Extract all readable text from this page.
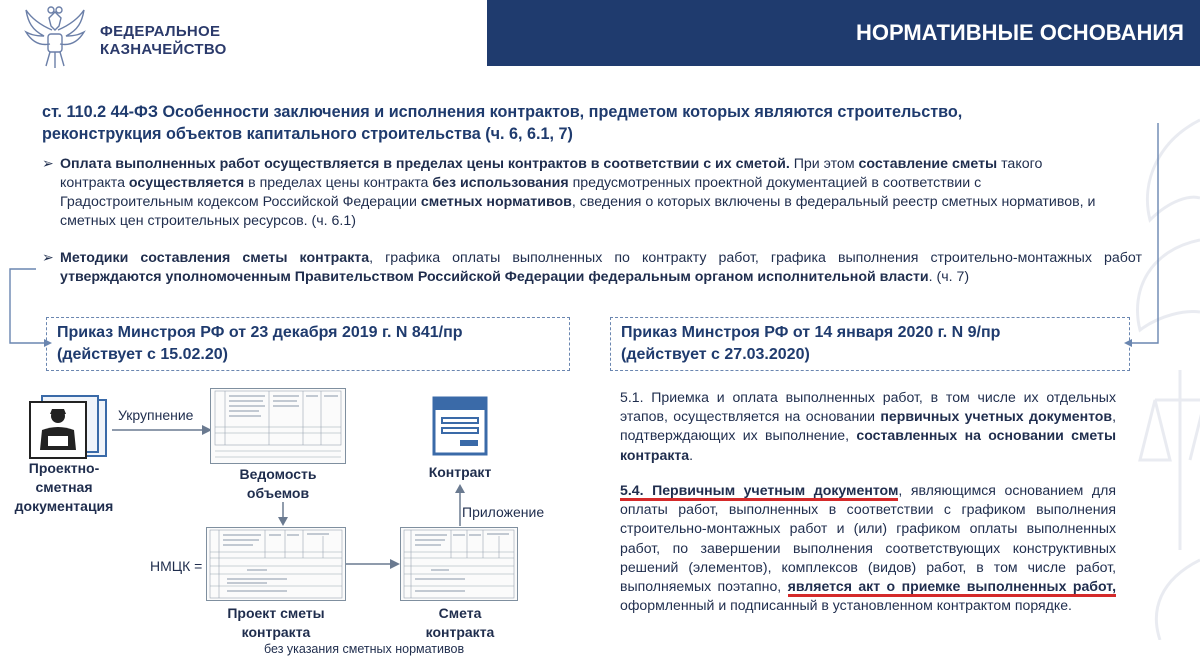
ФЕДЕРАЛЬНОЕ
КАЗНАЧЕЙСТВО
НОРМАТИВНЫЕ ОСНОВАНИЯ
ст. 110.2 44-ФЗ Особенности заключения и исполнения контрактов, предметом которых являются строительство,
реконструкция объектов капитального строительства (ч. 6, 6.1, 7)
➢ Оплата выполненных работ осуществляется в пределах цены контрактов в соответствии с их сметой. При этом составление сметы такого контракта осуществляется в пределах цены контракта без использования предусмотренных проектной документацией в соответствии с Градостроительным кодексом Российской Федерации сметных нормативов, сведения о которых включены в федеральный реестр сметных нормативов, и сметных цен строительных ресурсов. (ч. 6.1)
➢ Методики составления сметы контракта, графика оплаты выполненных по контракту работ, графика выполнения строительно-монтажных работ утверждаются уполномоченным Правительством Российской Федерации федеральным органом исполнительной власти. (ч. 7)
Приказ Минстроя РФ от 23 декабря 2019 г. N 841/пр
(действует с 15.02.20)
Приказ Минстроя РФ от 14 января 2020 г. N 9/пр
(действует с 27.03.2020)
5.1. Приемка и оплата выполненных работ, в том числе их отдельных этапов, осуществляется на основании первичных учетных документов, подтверждающих их выполнение, составленных на основании сметы контракта.
5.4. Первичным учетным документом, являющимся основанием для оплаты работ, выполненных в соответствии с графиком выполнения строительно-монтажных работ и (или) графиком оплаты выполненных работ, по завершении выполнения соответствующих конструктивных решений (элементов), комплексов (видов) работ, в том числе работ, выполняемых поэтапно, является акт о приемке выполненных работ, оформленный и подписанный в установленном контрактом порядке.
Проектно-
сметная
документация
Укрупнение
Ведомость
объемов
Контракт
Приложение
НМЦК =
Проект сметы
контракта
Смета
контракта
без указания сметных нормативов
